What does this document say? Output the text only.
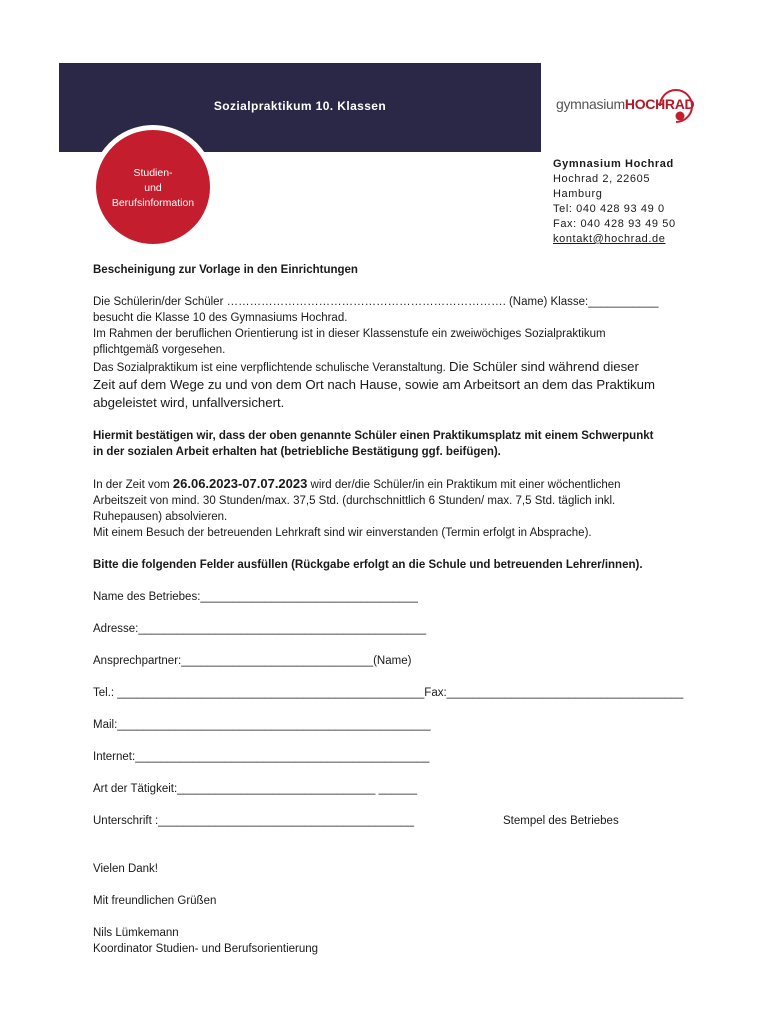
Sozialpraktikum 10. Klassen
Studien-
und
Berufsinformation
gymnasiumHOCHRAD
Gymnasium Hochrad
Hochrad 2, 22605
Hamburg
Tel: 040 428 93 49 0
Fax: 040 428 93 49 50
kontakt@hochrad.de

Bescheinigung zur Vorlage in den Einrichtungen

Die Schülerin/der Schüler ………………………………………………………………. (Name) Klasse:___________

besucht die Klasse 10 des Gymnasiums Hochrad.

Im Rahmen der beruflichen Orientierung ist in dieser Klassenstufe ein zweiwöchiges Sozialpraktikum

pflichtgemäß vorgesehen.

Das Sozialpraktikum ist eine verpflichtende schulische Veranstaltung. Die Schüler sind während dieser

Zeit auf dem Wege zu und von dem Ort nach Hause, sowie am Arbeitsort an dem das Praktikum

abgeleistet wird, unfallversichert.

Hiermit bestätigen wir, dass der oben genannte Schüler einen Praktikumsplatz mit einem Schwerpunkt

in der sozialen Arbeit erhalten hat (betriebliche Bestätigung ggf. beifügen).

In der Zeit vom 26.06.2023-07.07.2023 wird der/die Schüler/in ein Praktikum mit einer wöchentlichen

Arbeitszeit von mind. 30 Stunden/max. 37,5 Std. (durchschnittlich 6 Stunden/ max. 7,5 Std. täglich inkl.

Ruhepausen) absolvieren.

Mit einem Besuch der betreuenden Lehrkraft sind wir einverstanden (Termin erfolgt in Absprache).

Bitte die folgenden Felder ausfüllen (Rückgabe erfolgt an die Schule und betreuenden Lehrer/innen).

Name des Betriebes:__________________________________
Adresse:_____________________________________________
Ansprechpartner:______________________________(Name)
Tel.: ________________________________________________ Fax:_____________________________________
Mail:_________________________________________________
Internet:______________________________________________
Art der Tätigkeit:_______________________________ ______
Unterschrift :________________________________________	Stempel des Betriebes

Vielen Dank!

Mit freundlichen Grüßen

Nils Lümkemann

Koordinator Studien- und Berufsorientierung
